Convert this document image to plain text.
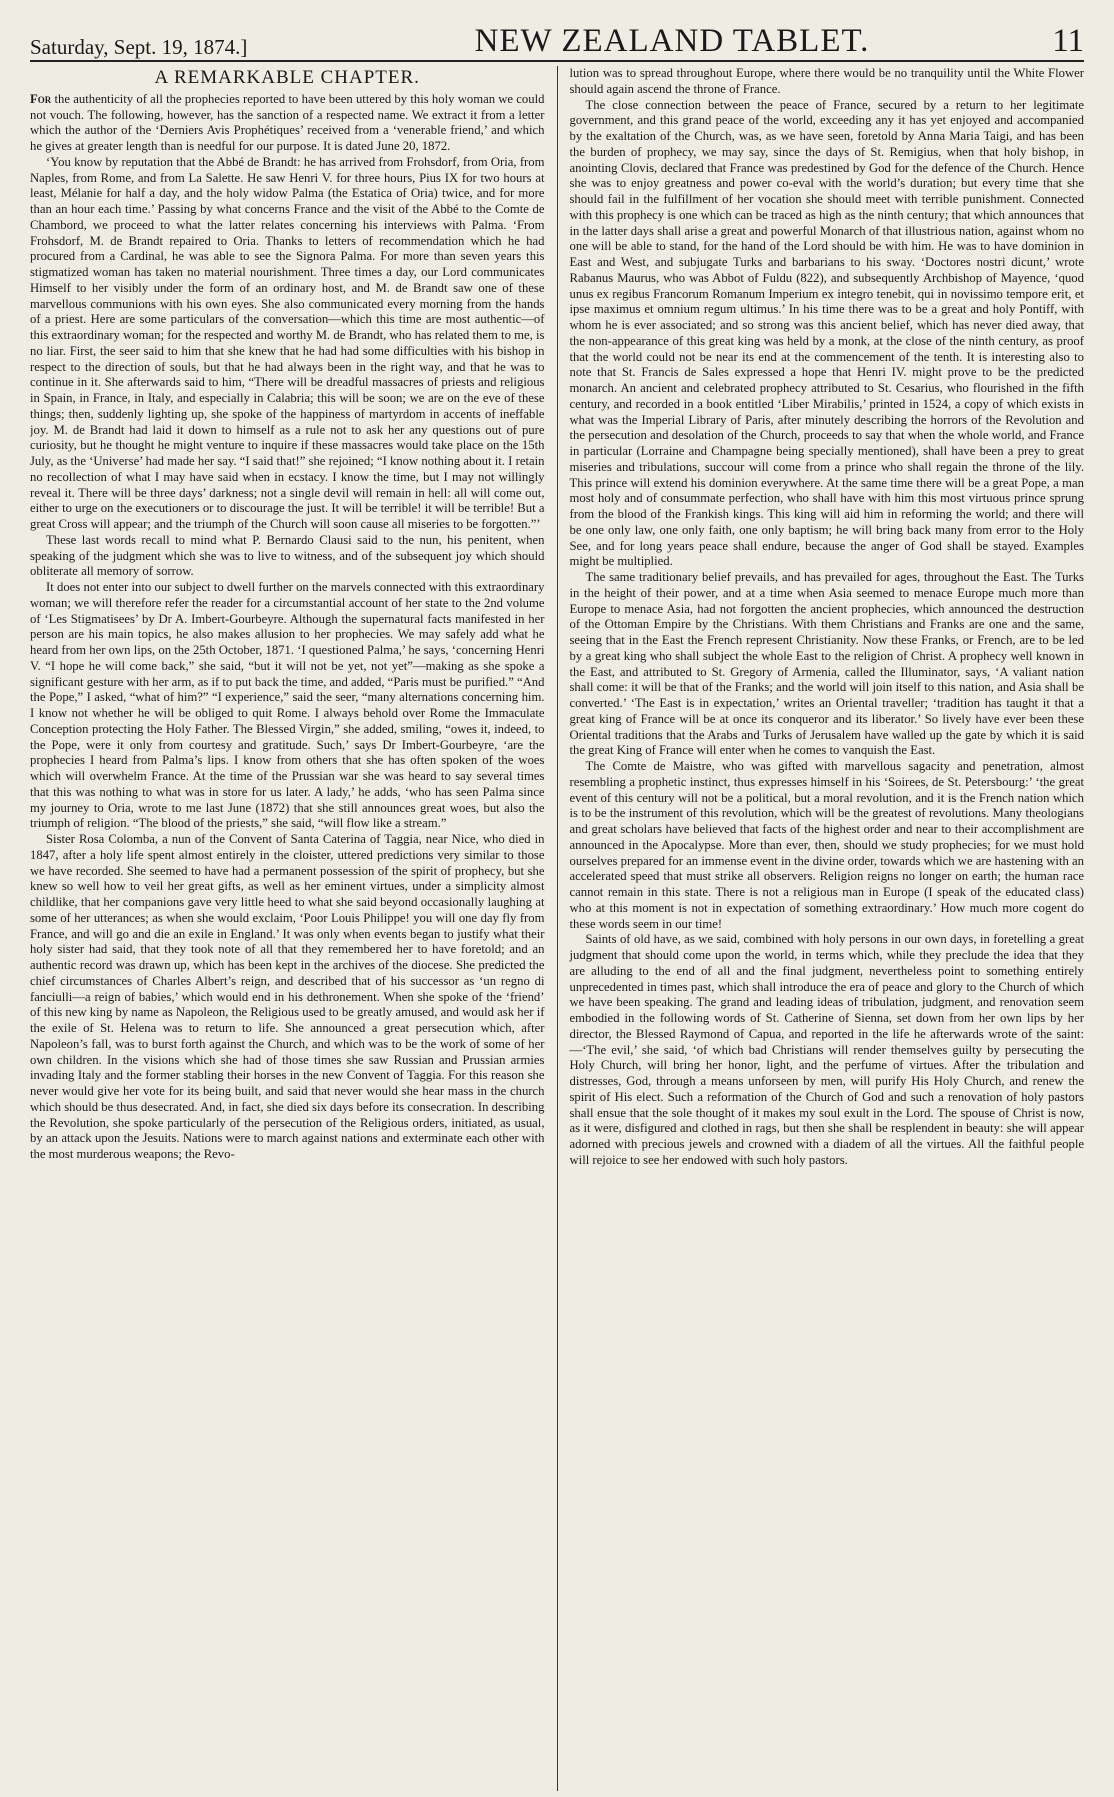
Saturday, Sept. 19, 1874.]	NEW ZEALAND TABLET.	11
A REMARKABLE CHAPTER.

For the authenticity of all the prophecies reported to have been uttered by this holy woman we could not vouch. The following, however, has the sanction of a respected name. We extract it from a letter which the author of the ‘Derniers Avis Prophétiques’ received from a ‘venerable friend,’ and which he gives at greater length than is needful for our purpose. It is dated June 20, 1872.

‘You know by reputation that the Abbé de Brandt: he has arrived from Frohsdorf, from Oria, from Naples, from Rome, and from La Salette. He saw Henri V. for three hours, Pius IX for two hours at least, Mélanie for half a day, and the holy widow Palma (the Estatica of Oria) twice, and for more than an hour each time.’ Passing by what concerns France and the visit of the Abbé to the Comte de Chambord, we proceed to what the latter relates concerning his interviews with Palma. ‘From Frohsdorf, M. de Brandt repaired to Oria. Thanks to letters of recommendation which he had procured from a Cardinal, he was able to see the Signora Palma. For more than seven years this stigmatized woman has taken no material nourishment. Three times a day, our Lord communicates Himself to her visibly under the form of an ordinary host, and M. de Brandt saw one of these marvellous communions with his own eyes. She also communicated every morning from the hands of a priest. Here are some particulars of the conversation—which this time are most authentic—of this extraordinary woman; for the respected and worthy M. de Brandt, who has related them to me, is no liar. First, the seer said to him that she knew that he had had some difficulties with his bishop in respect to the direction of souls, but that he had always been in the right way, and that he was to continue in it. She afterwards said to him, “There will be dreadful massacres of priests and religious in Spain, in France, in Italy, and especially in Calabria; this will be soon; we are on the eve of these things; then, suddenly lighting up, she spoke of the happiness of martyrdom in accents of ineffable joy. M. de Brandt had laid it down to himself as a rule not to ask her any questions out of pure curiosity, but he thought he might venture to inquire if these massacres would take place on the 15th July, as the ‘Universe’ had made her say. “I said that!” she rejoined; “I know nothing about it. I retain no recollection of what I may have said when in ecstacy. I know the time, but I may not willingly reveal it. There will be three days’ darkness; not a single devil will remain in hell: all will come out, either to urge on the executioners or to discourage the just. It will be terrible! it will be terrible! But a great Cross will appear; and the triumph of the Church will soon cause all miseries to be forgotten.”’

These last words recall to mind what P. Bernardo Clausi said to the nun, his penitent, when speaking of the judgment which she was to live to witness, and of the subsequent joy which should obliterate all memory of sorrow.

It does not enter into our subject to dwell further on the marvels connected with this extraordinary woman; we will therefore refer the reader for a circumstantial account of her state to the 2nd volume of ‘Les Stigmatisees’ by Dr A. Imbert-Gourbeyre. Although the supernatural facts manifested in her person are his main topics, he also makes allusion to her prophecies. We may safely add what he heard from her own lips, on the 25th October, 1871. ‘I questioned Palma,’ he says, ‘concerning Henri V. “I hope he will come back,” she said, “but it will not be yet, not yet”—making as she spoke a significant gesture with her arm, as if to put back the time, and added, “Paris must be purified.” “And the Pope,” I asked, “what of him?” “I experience,” said the seer, “many alternations concerning him. I know not whether he will be obliged to quit Rome. I always behold over Rome the Immaculate Conception protecting the Holy Father. The Blessed Virgin,” she added, smiling, “owes it, indeed, to the Pope, were it only from courtesy and gratitude. Such,’ says Dr Imbert-Gourbeyre, ‘are the prophecies I heard from Palma’s lips. I know from others that she has often spoken of the woes which will overwhelm France. At the time of the Prussian war she was heard to say several times that this was nothing to what was in store for us later. A lady,’ he adds, ‘who has seen Palma since my journey to Oria, wrote to me last June (1872) that she still announces great woes, but also the triumph of religion. “The blood of the priests,” she said, “will flow like a stream.”

Sister Rosa Colomba, a nun of the Convent of Santa Caterina of Taggia, near Nice, who died in 1847, after a holy life spent almost entirely in the cloister, uttered predictions very similar to those we have recorded. She seemed to have had a permanent possession of the spirit of prophecy, but she knew so well how to veil her great gifts, as well as her eminent virtues, under a simplicity almost childlike, that her companions gave very little heed to what she said beyond occasionally laughing at some of her utterances; as when she would exclaim, ‘Poor Louis Philippe! you will one day fly from France, and will go and die an exile in England.’ It was only when events began to justify what their holy sister had said, that they took note of all that they remembered her to have foretold; and an authentic record was drawn up, which has been kept in the archives of the diocese. She predicted the chief circumstances of Charles Albert’s reign, and described that of his successor as ‘un regno di fanciulli—a reign of babies,’ which would end in his dethronement. When she spoke of the ‘friend’ of this new king by name as Napoleon, the Religious used to be greatly amused, and would ask her if the exile of St. Helena was to return to life. She announced a great persecution which, after Napoleon’s fall, was to burst forth against the Church, and which was to be the work of some of her own children. In the visions which she had of those times she saw Russian and Prussian armies invading Italy and the former stabling their horses in the new Convent of Taggia. For this reason she never would give her vote for its being built, and said that never would she hear mass in the church which should be thus desecrated. And, in fact, she died six days before its consecration. In describing the Revolution, she spoke particularly of the persecution of the Religious orders, initiated, as usual, by an attack upon the Jesuits. Nations were to march against nations and exterminate each other with the most murderous weapons; the Revo-

lution was to spread throughout Europe, where there would be no tranquility until the White Flower should again ascend the throne of France.

The close connection between the peace of France, secured by a return to her legitimate government, and this grand peace of the world, exceeding any it has yet enjoyed and accompanied by the exaltation of the Church, was, as we have seen, foretold by Anna Maria Taigi, and has been the burden of prophecy, we may say, since the days of St. Remigius, when that holy bishop, in anointing Clovis, declared that France was predestined by God for the defence of the Church. Hence she was to enjoy greatness and power co-eval with the world’s duration; but every time that she should fail in the fulfillment of her vocation she should meet with terrible punishment. Connected with this prophecy is one which can be traced as high as the ninth century; that which announces that in the latter days shall arise a great and powerful Monarch of that illustrious nation, against whom no one will be able to stand, for the hand of the Lord should be with him. He was to have dominion in East and West, and subjugate Turks and barbarians to his sway. ‘Doctores nostri dicunt,’ wrote Rabanus Maurus, who was Abbot of Fuldu (822), and subsequently Archbishop of Mayence, ‘quod unus ex regibus Francorum Romanum Imperium ex integro tenebit, qui in novissimo tempore erit, et ipse maximus et omnium regum ultimus.’ In his time there was to be a great and holy Pontiff, with whom he is ever associated; and so strong was this ancient belief, which has never died away, that the non-appearance of this great king was held by a monk, at the close of the ninth century, as proof that the world could not be near its end at the commencement of the tenth. It is interesting also to note that St. Francis de Sales expressed a hope that Henri IV. might prove to be the predicted monarch. An ancient and celebrated prophecy attributed to St. Cesarius, who flourished in the fifth century, and recorded in a book entitled ‘Liber Mirabilis,’ printed in 1524, a copy of which exists in what was the Imperial Library of Paris, after minutely describing the horrors of the Revolution and the persecution and desolation of the Church, proceeds to say that when the whole world, and France in particular (Lorraine and Champagne being specially mentioned), shall have been a prey to great miseries and tribulations, succour will come from a prince who shall regain the throne of the lily. This prince will extend his dominion everywhere. At the same time there will be a great Pope, a man most holy and of consummate perfection, who shall have with him this most virtuous prince sprung from the blood of the Frankish kings. This king will aid him in reforming the world; and there will be one only law, one only faith, one only baptism; he will bring back many from error to the Holy See, and for long years peace shall endure, because the anger of God shall be stayed. Examples might be multiplied.

The same traditionary belief prevails, and has prevailed for ages, throughout the East. The Turks in the height of their power, and at a time when Asia seemed to menace Europe much more than Europe to menace Asia, had not forgotten the ancient prophecies, which announced the destruction of the Ottoman Empire by the Christians. With them Christians and Franks are one and the same, seeing that in the East the French represent Christianity. Now these Franks, or French, are to be led by a great king who shall subject the whole East to the religion of Christ. A prophecy well known in the East, and attributed to St. Gregory of Armenia, called the Illuminator, says, ‘A valiant nation shall come: it will be that of the Franks; and the world will join itself to this nation, and Asia shall be converted.’ ‘The East is in expectation,’ writes an Oriental traveller; ‘tradition has taught it that a great king of France will be at once its conqueror and its liberator.’ So lively have ever been these Oriental traditions that the Arabs and Turks of Jerusalem have walled up the gate by which it is said the great King of France will enter when he comes to vanquish the East.

The Comte de Maistre, who was gifted with marvellous sagacity and penetration, almost resembling a prophetic instinct, thus expresses himself in his ‘Soirees, de St. Petersbourg:’ ‘the great event of this century will not be a political, but a moral revolution, and it is the French nation which is to be the instrument of this revolution, which will be the greatest of revolutions. Many theologians and great scholars have believed that facts of the highest order and near to their accomplishment are announced in the Apocalypse. More than ever, then, should we study prophecies; for we must hold ourselves prepared for an immense event in the divine order, towards which we are hastening with an accelerated speed that must strike all observers. Religion reigns no longer on earth; the human race cannot remain in this state. There is not a religious man in Europe (I speak of the educated class) who at this moment is not in expectation of something extraordinary.’ How much more cogent do these words seem in our time!

Saints of old have, as we said, combined with holy persons in our own days, in foretelling a great judgment that should come upon the world, in terms which, while they preclude the idea that they are alluding to the end of all and the final judgment, nevertheless point to something entirely unprecedented in times past, which shall introduce the era of peace and glory to the Church of which we have been speaking. The grand and leading ideas of tribulation, judgment, and renovation seem embodied in the following words of St. Catherine of Sienna, set down from her own lips by her director, the Blessed Raymond of Capua, and reported in the life he afterwards wrote of the saint:—‘The evil,’ she said, ‘of which bad Christians will render themselves guilty by persecuting the Holy Church, will bring her honor, light, and the perfume of virtues. After the tribulation and distresses, God, through a means unforseen by men, will purify His Holy Church, and renew the spirit of His elect. Such a reformation of the Church of God and such a renovation of holy pastors shall ensue that the sole thought of it makes my soul exult in the Lord. The spouse of Christ is now, as it were, disfigured and clothed in rags, but then she shall be resplendent in beauty: she will appear adorned with precious jewels and crowned with a diadem of all the virtues. All the faithful people will rejoice to see her endowed with such holy pastors.
